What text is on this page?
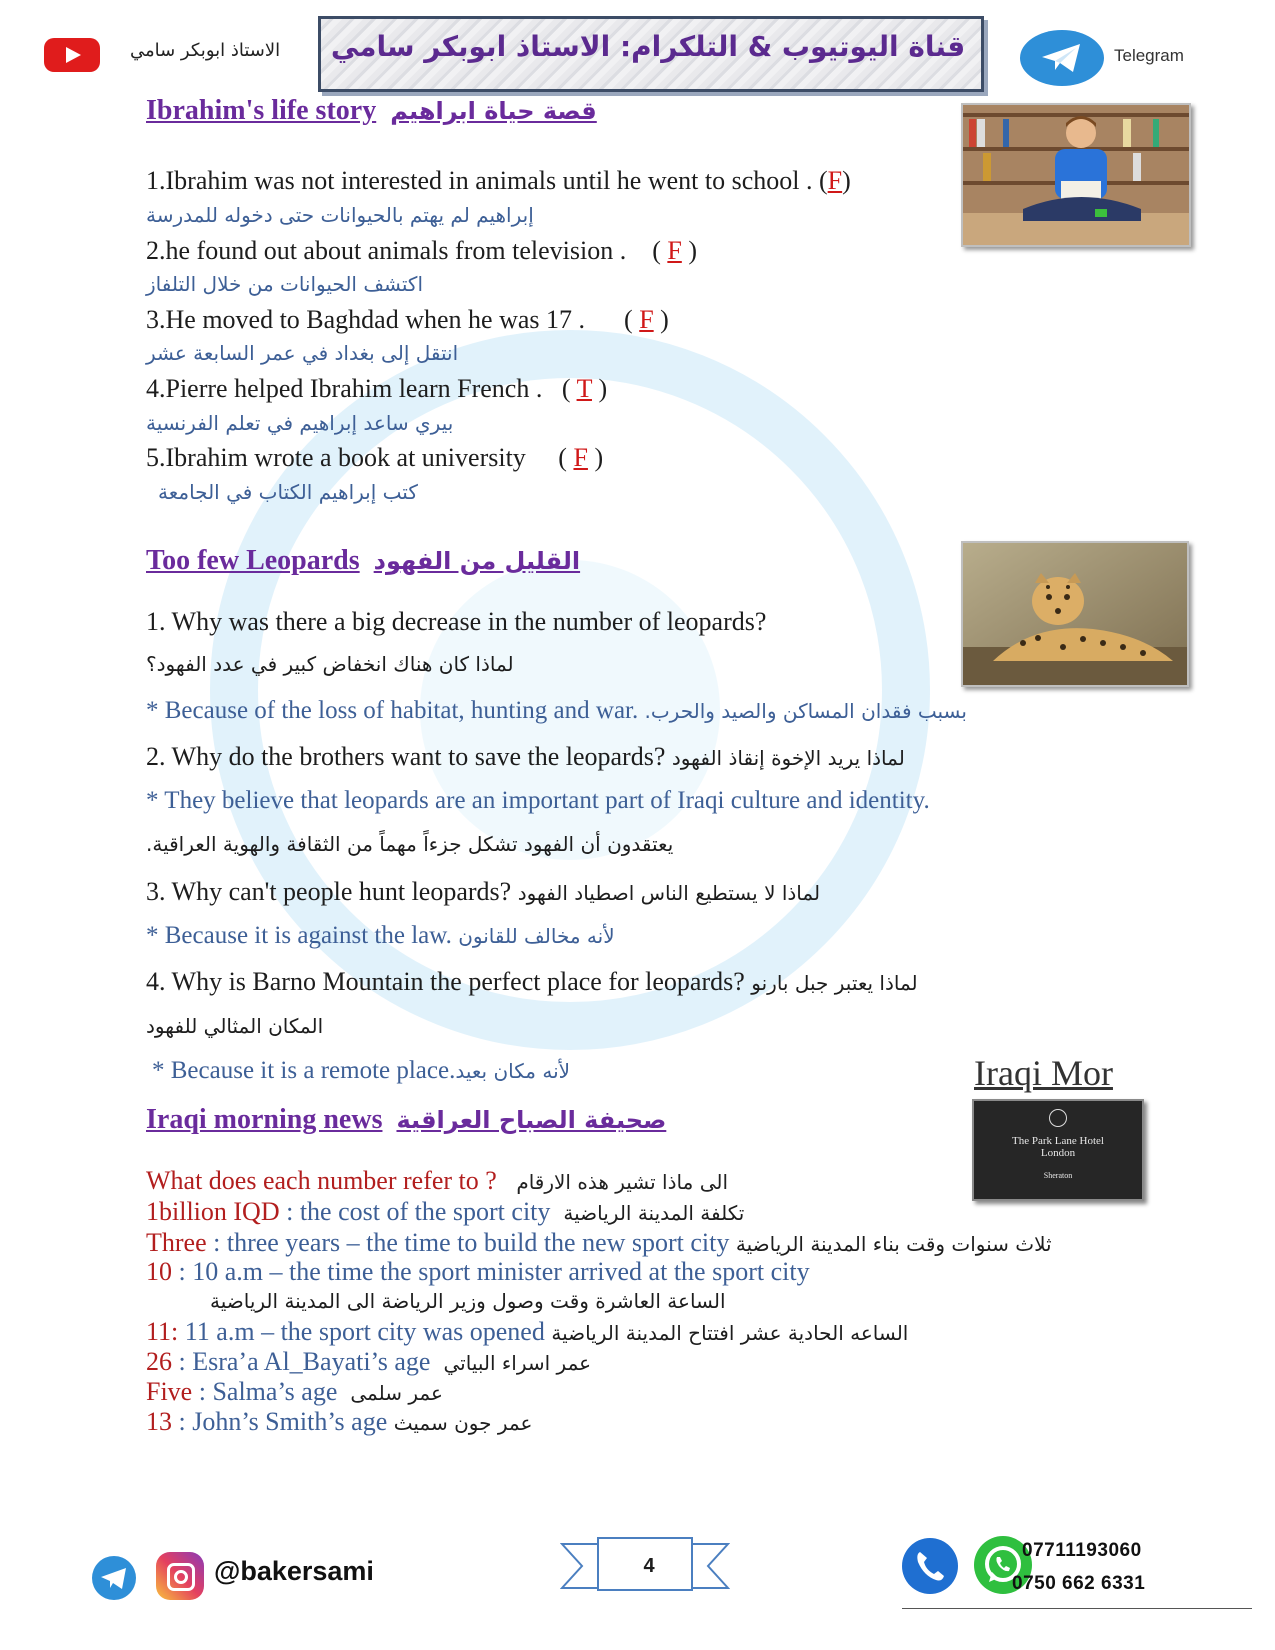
الاستاذ ابوبكر سامي	قناة اليوتيوب & التلكرام: الاستاذ ابوبكر سامي	Telegram
Ibrahim's life story قصة حياة ابراهيم
1.Ibrahim was not interested in animals until he went to school . (F)
إبراهيم لم يهتم بالحيوانات حتى دخوله للمدرسة
2.he found out about animals from television .    ( F )
اكتشف الحيوانات من خلال التلفاز
3.He moved to Baghdad when he was 17 .      ( F )
انتقل إلى بغداد في عمر السابعة عشر
4.Pierre helped Ibrahim learn French .   ( T )
بيري ساعد إبراهيم في تعلم الفرنسية
5.Ibrahim wrote a book at university     ( F )
كتب إبراهيم الكتاب في الجامعة
Too few Leopards القليل من الفهود
1. Why was there a big decrease in the number of leopards?
لماذا كان هناك انخفاض كبير في عدد الفهود؟
* Because of the loss of habitat, hunting and war. بسبب فقدان المساكن والصيد والحرب.
2. Why do the brothers want to save the leopards? لماذا يريد الإخوة إنقاذ الفهود
* They believe that leopards are an important part of Iraqi culture and identity.
يعتقدون أن الفهود تشكل جزءاً مهماً من الثقافة والهوية العراقية.
3. Why can't people hunt leopards? لماذا لا يستطيع الناس اصطياد الفهود
* Because it is against the law. لأنه مخالف للقانون
4. Why is Barno Mountain the perfect place for leopards? لماذا يعتبر جبل بارنو
المكان المثالي للفهود
* Because it is a remote place.لأنه مكان بعيد	Iraqi Mor
The Park Lane Hotel
London
Sheraton
Iraqi morning news صحيفة الصباح العراقية
What does each number refer to ? الى ماذا تشير هذه الارقام
1billion IQD : the cost of the sport city تكلفة المدينة الرياضية
Three : three years – the time to build the new sport city ثلاث سنوات وقت بناء المدينة الرياضية
10 : 10 a.m – the time the sport minister arrived at the sport city
الساعة العاشرة وقت وصول وزير الرياضة الى المدينة الرياضية
11: 11 a.m – the sport city was opened الساعه الحادية عشر افتتاح المدينة الرياضية
26 : Esra’a Al_Bayati’s age عمر اسراء البياتي
Five : Salma’s age عمر سلمى
13 : John’s Smith’s age عمر جون سميث
@bakersami	4
07711193060
0750 662 6331
